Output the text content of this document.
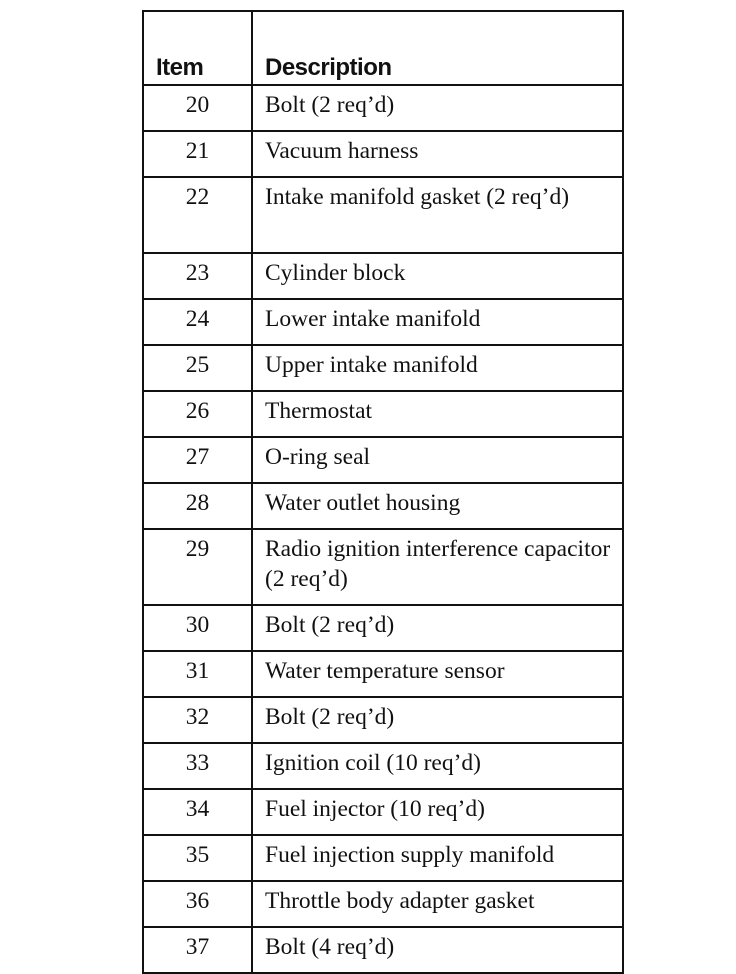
Item	Description
20	Bolt (2 req’d)
21	Vacuum harness
22	Intake manifold gasket (2 req’d)
23	Cylinder block
24	Lower intake manifold
25	Upper intake manifold
26	Thermostat
27	O-ring seal
28	Water outlet housing
29	Radio ignition interference capacitor (2 req’d)
30	Bolt (2 req’d)
31	Water temperature sensor
32	Bolt (2 req’d)
33	Ignition coil (10 req’d)
34	Fuel injector (10 req’d)
35	Fuel injection supply manifold
36	Throttle body adapter gasket
37	Bolt (4 req’d)
